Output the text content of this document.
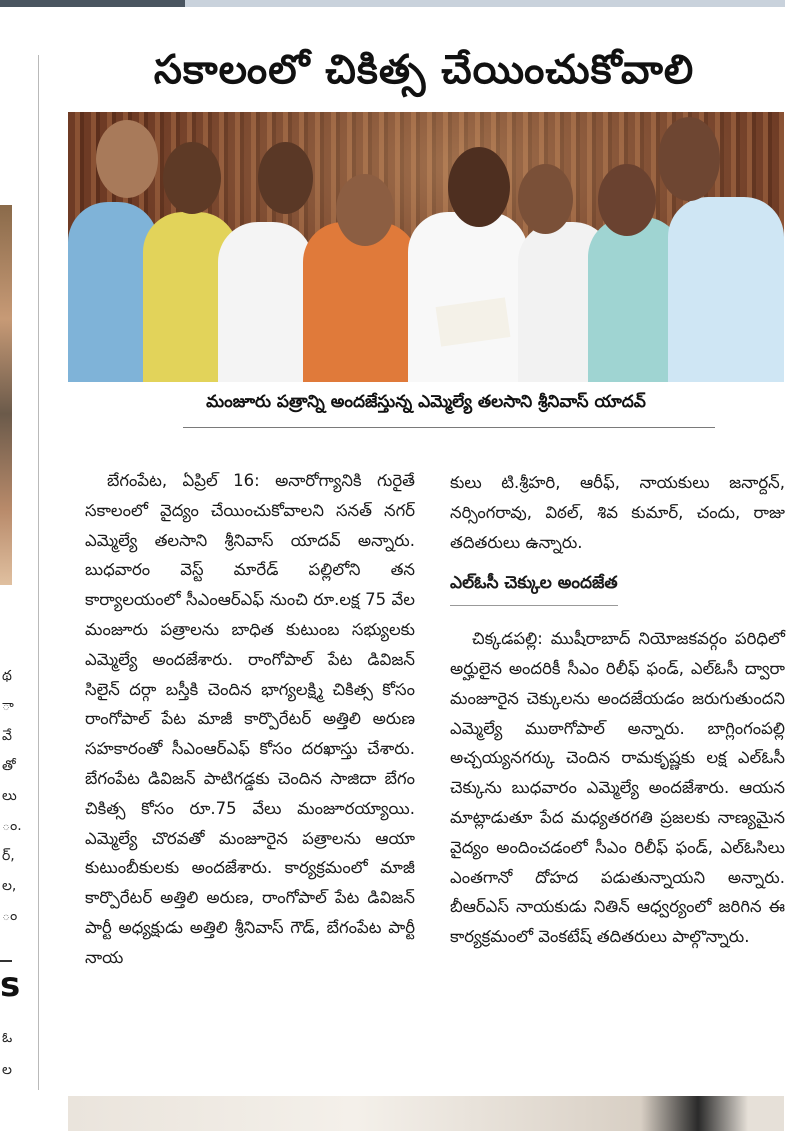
థ
ా
వే
తో
లు
ం.
ర్,
ల,
ం
s
ఓ
ల
సకాలంలో చికిత్స చేయించుకోవాలి
మంజూరు పత్రాన్ని అందజేస్తున్న ఎమ్మెల్యే తలసాని శ్రీనివాస్ యాదవ్

బేగంపేట, ఏప్రిల్ 16: అనారోగ్యానికి గురైతే సకాలంలో వైద్యం చేయించుకోవాలని సనత్ నగర్ ఎమ్మెల్యే తలసాని శ్రీనివాస్ యాదవ్ అన్నారు. బుధవారం వెస్ట్ మారేడ్ పల్లిలోని తన కార్యాలయంలో సీఎంఆర్ఎఫ్ నుంచి రూ.లక్ష 75 వేల మంజూరు పత్రాలను బాధిత కుటుంబ సభ్యులకు ఎమ్మెల్యే అందజేశారు. రాంగోపాల్ పేట డివిజన్ సిలైన్ దర్గా బస్తీకి చెందిన భాగ్యలక్ష్మి చికిత్స కోసం రాంగోపాల్ పేట మాజీ కార్పొరేటర్ అత్తిలి అరుణ సహకారంతో సీఎంఆర్ఎఫ్ కోసం దరఖాస్తు చేశారు. బేగంపేట డివిజన్ పాటిగడ్డకు చెందిన సాజిదా బేగం చికిత్స కోసం రూ.75 వేలు మంజూరయ్యాయి. ఎమ్మెల్యే చొరవతో మంజూరైన పత్రాలను ఆయా కుటుంబీకులకు అందజేశారు. కార్యక్రమంలో మాజీ కార్పొరేటర్ అత్తిలి అరుణ, రాంగోపాల్ పేట డివిజన్ పార్టీ అధ్యక్షుడు అత్తిలి శ్రీనివాస్ గౌడ్, బేగంపేట పార్టీ నాయ

కులు టి.శ్రీహరి, ఆరీఫ్, నాయకులు జనార్దన్, నర్సింగరావు, విఠల్, శివ కుమార్, చందు, రాజు తదితరులు ఉన్నారు.

ఎల్ఓసీ చెక్కుల అందజేత

చిక్కడపల్లి: ముషీరాబాద్ నియోజకవర్గం పరిధిలో అర్హులైన అందరికీ సీఎం రిలీఫ్ ఫండ్, ఎల్ఓసీ ద్వారా మంజూరైన చెక్కులను అందజేయడం జరుగుతుందని ఎమ్మెల్యే ముఠాగోపాల్ అన్నారు. బాగ్లింగంపల్లి అచ్చయ్యనగర్కు చెందిన రామకృష్ణకు లక్ష ఎల్ఓసీ చెక్కును బుధవారం ఎమ్మెల్యే అందజేశారు. ఆయన మాట్లాడుతూ పేద మధ్యతరగతి ప్రజలకు నాణ్యమైన వైద్యం అందించడంలో సీఎం రిలీఫ్ ఫండ్, ఎల్ఓసిలు ఎంతగానో దోహద పడుతున్నాయని అన్నారు. బీఆర్ఎస్ నాయకుడు నితిన్ ఆధ్వర్యంలో జరిగిన ఈ కార్యక్రమంలో వెంకటేష్ తదితరులు పాల్గొన్నారు.
